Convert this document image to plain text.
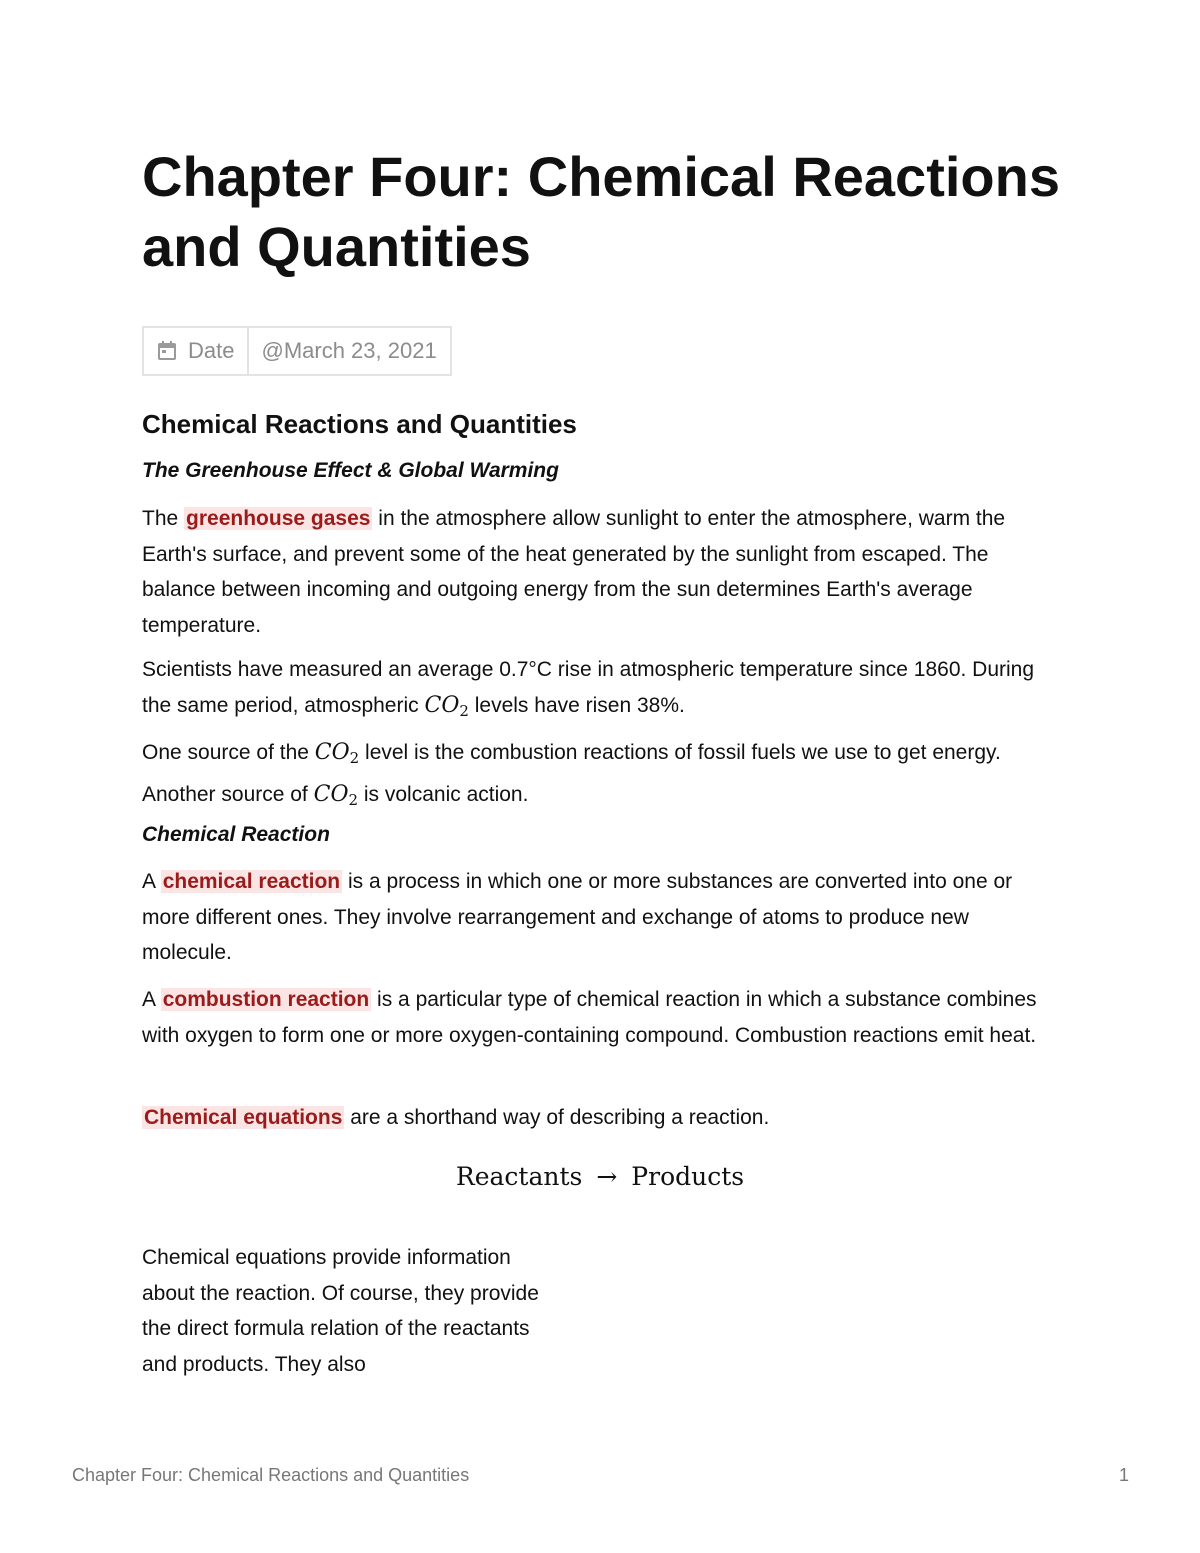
Chapter Four: Chemical Reactions and Quantities
Date	@March 23, 2021
Chemical Reactions and Quantities

The Greenhouse Effect & Global Warming

The greenhouse gases in the atmosphere allow sunlight to enter the atmosphere, warm the Earth's surface, and prevent some of the heat generated by the sunlight from escaped. The balance between incoming and outgoing energy from the sun determines Earth's average temperature.

Scientists have measured an average 0.7°C rise in atmospheric temperature since 1860. During the same period, atmospheric $CO_2$ levels have risen 38%.

One source of the $CO_2$ level is the combustion reactions of fossil fuels we use to get energy. Another source of $CO_2$ is volcanic action.

Chemical Reaction

A chemical reaction is a process in which one or more substances are converted into one or more different ones. They involve rearrangement and exchange of atoms to produce new molecule.

A combustion reaction is a particular type of chemical reaction in which a substance combines with oxygen to form one or more oxygen-containing compound. Combustion reactions emit heat.

Chemical equations are a shorthand way of describing a reaction.

Reactants → Products

Chemical equations provide information about the reaction. Of course, they provide the direct formula relation of the reactants and products. They also

Chapter Four: Chemical Reactions and Quantities	1
